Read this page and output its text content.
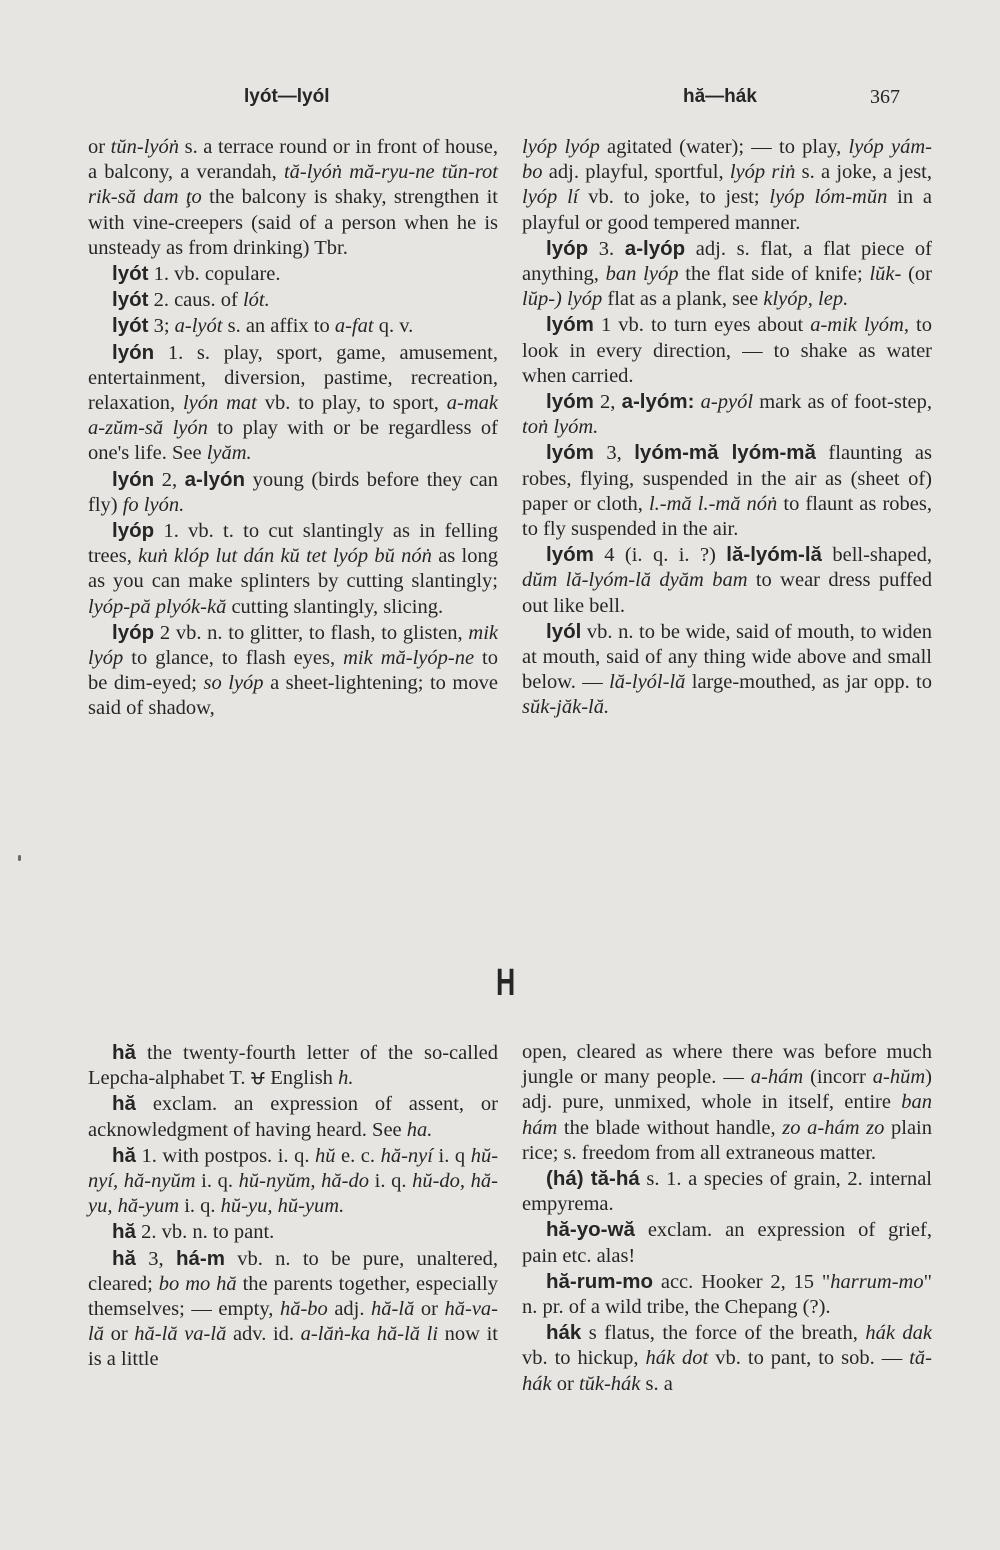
lyót—lyól	hă—hák	367

or tŭn-lyóṅ s. a terrace round or in front of house, a balcony, a verandah, tă-lyóṅ mă-ryu-ne tŭn-rot rik-să dam ţo the balcony is shaky, strengthen it with vine-creepers (said of a person when he is unsteady as from drinking) Tbr.

lyót 1. vb. copulare.

lyót 2. caus. of lót.

lyót 3; a-lyót s. an affix to a-fat q. v.

lyón 1. s. play, sport, game, amusement, entertainment, diversion, pastime, recreation, relaxation, lyón mat vb. to play, to sport, a-mak a-zŭm-să lyón to play with or be regardless of one's life. See lyăm.

lyón 2, a-lyón young (birds before they can fly) fo lyón.

lyóp 1. vb. t. to cut slantingly as in felling trees, kuṅ klóp lut dán kŭ tet lyóp bŭ nóṅ as long as you can make splinters by cutting slantingly; lyóp-pă plyók-kă cutting slantingly, slicing.

lyóp 2 vb. n. to glitter, to flash, to glisten, mik lyóp to glance, to flash eyes, mik mă-lyóp-ne to be dim-eyed; so lyóp a sheet-lightening; to move said of shadow,

lyóp lyóp agitated (water); — to play, lyóp yám-bo adj. playful, sportful, lyóp riṅ s. a joke, a jest, lyóp lí vb. to joke, to jest; lyóp lóm-mŭn in a playful or good tempered manner.

lyóp 3. a-lyóp adj. s. flat, a flat piece of anything, ban lyóp the flat side of knife; lŭk- (or lŭp-) lyóp flat as a plank, see klyóp, lep.

lyóm 1 vb. to turn eyes about a-mik lyóm, to look in every direction, — to shake as water when carried.

lyóm 2, a-lyóm: a-pyól mark as of foot-step, toṅ lyóm.

lyóm 3, lyóm-mă lyóm-mă flaunting as robes, flying, suspended in the air as (sheet of) paper or cloth, l.-mă l.-mă nóṅ to flaunt as robes, to fly suspended in the air.

lyóm 4 (i. q. i. ?) lă-lyóm-lă bell-shaped, dŭm lă-lyóm-lă dyăm bam to wear dress puffed out like bell.

lyól vb. n. to be wide, said of mouth, to widen at mouth, said of any thing wide above and small below. — lă-lyól-lă large-mouthed, as jar opp. to sŭk-jăk-lă.

H

hă the twenty-fourth letter of the so-called Lepcha-alphabet T. ᰝ English h.

hă exclam. an expression of assent, or acknowledgment of having heard. See ha.

hă 1. with postpos. i. q. hŭ e. c. hă-nyí i. q hŭ-nyí, hă-nyŭm i. q. hŭ-nyŭm, hă-do i. q. hŭ-do, hă-yu, hă-yum i. q. hŭ-yu, hŭ-yum.

hă 2. vb. n. to pant.

hă 3, há-m vb. n. to be pure, unaltered, cleared; bo mo hă the parents together, especially themselves; — empty, hă-bo adj. hă-lă or hă-va-lă or hă-lă va-lă adv. id. a-lăṅ-ka hă-lă li now it is a little

open, cleared as where there was before much jungle or many people. — a-hám (incorr a-hŭm) adj. pure, unmixed, whole in itself, entire ban hám the blade without handle, zo a-hám zo plain rice; s. freedom from all extraneous matter.

(há) tă-há s. 1. a species of grain, 2. internal empyrema.

hă-yo-wă exclam. an expression of grief, pain etc. alas!

hă-rum-mo acc. Hooker 2, 15 "harrum-mo" n. pr. of a wild tribe, the Chepang (?).

hák s flatus, the force of the breath, hák dak vb. to hickup, hák dot vb. to pant, to sob. — tă-hák or tŭk-hák s. a
